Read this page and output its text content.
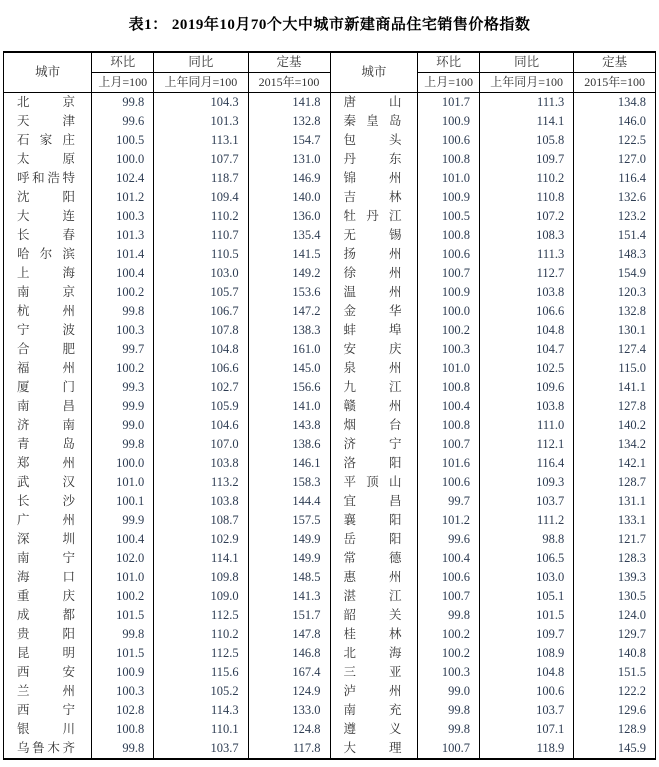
表1： 2019年10月70个大中城市新建商品住宅销售价格指数
城市	环比	同比	定基
	上月=100	上年同月=100	2015年=100
北京	99.8	104.3	141.8
天津	99.6	101.3	132.8
石家庄	100.5	113.1	154.7
太原	100.0	107.7	131.0
呼和浩特	102.4	118.7	146.9
沈阳	101.2	109.4	140.0
大连	100.3	110.2	136.0
长春	101.3	110.7	135.4
哈尔滨	101.4	110.5	141.5
上海	100.4	103.0	149.2
南京	100.2	105.7	153.6
杭州	99.8	106.7	147.2
宁波	100.3	107.8	138.3
合肥	99.7	104.8	161.0
福州	100.2	106.6	145.0
厦门	99.3	102.7	156.6
南昌	99.9	105.9	141.0
济南	99.0	104.6	143.8
青岛	99.8	107.0	138.6
郑州	100.0	103.8	146.1
武汉	101.0	113.2	158.3
长沙	100.1	103.8	144.4
广州	99.9	108.7	157.5
深圳	100.4	102.9	149.9
南宁	102.0	114.1	149.9
海口	101.0	109.8	148.5
重庆	100.2	109.0	141.3
成都	101.5	112.5	151.7
贵阳	99.8	110.2	147.8
昆明	101.5	112.5	146.8
西安	100.9	115.6	167.4
兰州	100.3	105.2	124.9
西宁	102.8	114.3	133.0
银川	100.8	110.1	124.8
乌鲁木齐	99.8	103.7	117.8
城市	环比	同比	定基
	上月=100	上年同月=100	2015年=100
唐山	101.7	111.3	134.8
秦皇岛	100.9	114.1	146.0
包头	100.6	105.8	122.5
丹东	100.8	109.7	127.0
锦州	101.0	110.2	116.4
吉林	100.9	110.8	132.6
牡丹江	100.5	107.2	123.2
无锡	100.8	108.3	151.4
扬州	100.6	111.3	148.3
徐州	100.7	112.7	154.9
温州	100.9	103.8	120.3
金华	100.0	106.6	132.8
蚌埠	100.2	104.8	130.1
安庆	100.3	104.7	127.4
泉州	101.0	102.5	115.0
九江	100.8	109.6	141.1
赣州	100.4	103.8	127.8
烟台	100.8	111.0	140.2
济宁	100.7	112.1	134.2
洛阳	101.6	116.4	142.1
平顶山	100.6	109.3	128.7
宜昌	99.7	103.7	131.1
襄阳	101.2	111.2	133.1
岳阳	99.6	98.8	121.7
常德	100.4	106.5	128.3
惠州	100.6	103.0	139.3
湛江	100.7	105.1	130.5
韶关	99.8	101.5	124.0
桂林	100.2	109.7	129.7
北海	100.2	108.9	140.8
三亚	100.3	104.8	151.5
泸州	99.0	100.6	122.2
南充	99.8	103.7	129.6
遵义	99.8	107.1	128.9
大理	100.7	118.9	145.9
